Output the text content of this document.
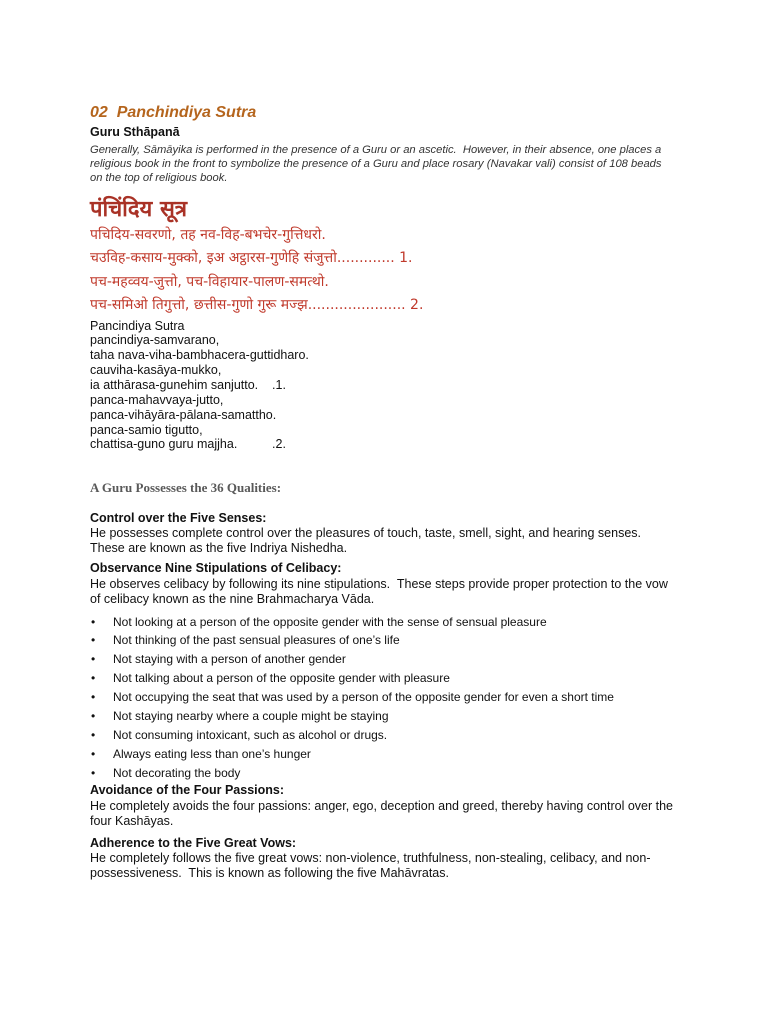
02  Panchindiya Sutra
Guru Sthāpanā
Generally, Sāmāyika is performed in the presence of a Guru or an ascetic.  However, in their absence, one places a
religious book in the front to symbolize the presence of a Guru and place rosary (Navakar vali) consist of 108 beads
on the top of religious book.
पंचिंदिय सूत्र
पचिदिय-सवरणो, तह नव-विह-बभचेर-गुत्तिधरो.
चउविह-कसाय-मुक्को, इअ अट्ठारस-गुणेहि संजुत्तो............. 1.
पच-महव्वय-जुत्तो, पच-विहायार-पालण-समत्थो.
पच-समिओ तिगुत्तो, छत्तीस-गुणो गुरू मज्झ...................... 2.
Pancindiya Sutra
pancindiya-samvarano,
taha nava-viha-bambhacera-guttidharo.
cauviha-kasāya-mukko,
ia atthārasa-gunehim sanjutto.    .1.
panca-mahavvaya-jutto,
panca-vihāyāra-pālana-samattho.
panca-samio tigutto,
chattisa-guno guru majjha.          .2.
A Guru Possesses the 36 Qualities:
Control over the Five Senses:
He possesses complete control over the pleasures of touch, taste, smell, sight, and hearing senses.
These are known as the five Indriya Nishedha.
Observance Nine Stipulations of Celibacy:
He observes celibacy by following its nine stipulations.  These steps provide proper protection to the vow
of celibacy known as the nine Brahmacharya Vāda.
• Not looking at a person of the opposite gender with the sense of sensual pleasure
• Not thinking of the past sensual pleasures of one’s life
• Not staying with a person of another gender
• Not talking about a person of the opposite gender with pleasure
• Not occupying the seat that was used by a person of the opposite gender for even a short time
• Not staying nearby where a couple might be staying
• Not consuming intoxicant, such as alcohol or drugs.
• Always eating less than one’s hunger
• Not decorating the body
Avoidance of the Four Passions:
He completely avoids the four passions: anger, ego, deception and greed, thereby having control over the
four Kashāyas.
Adherence to the Five Great Vows:
He completely follows the five great vows: non-violence, truthfulness, non-stealing, celibacy, and non-
possessiveness.  This is known as following the five Mahāvratas.
